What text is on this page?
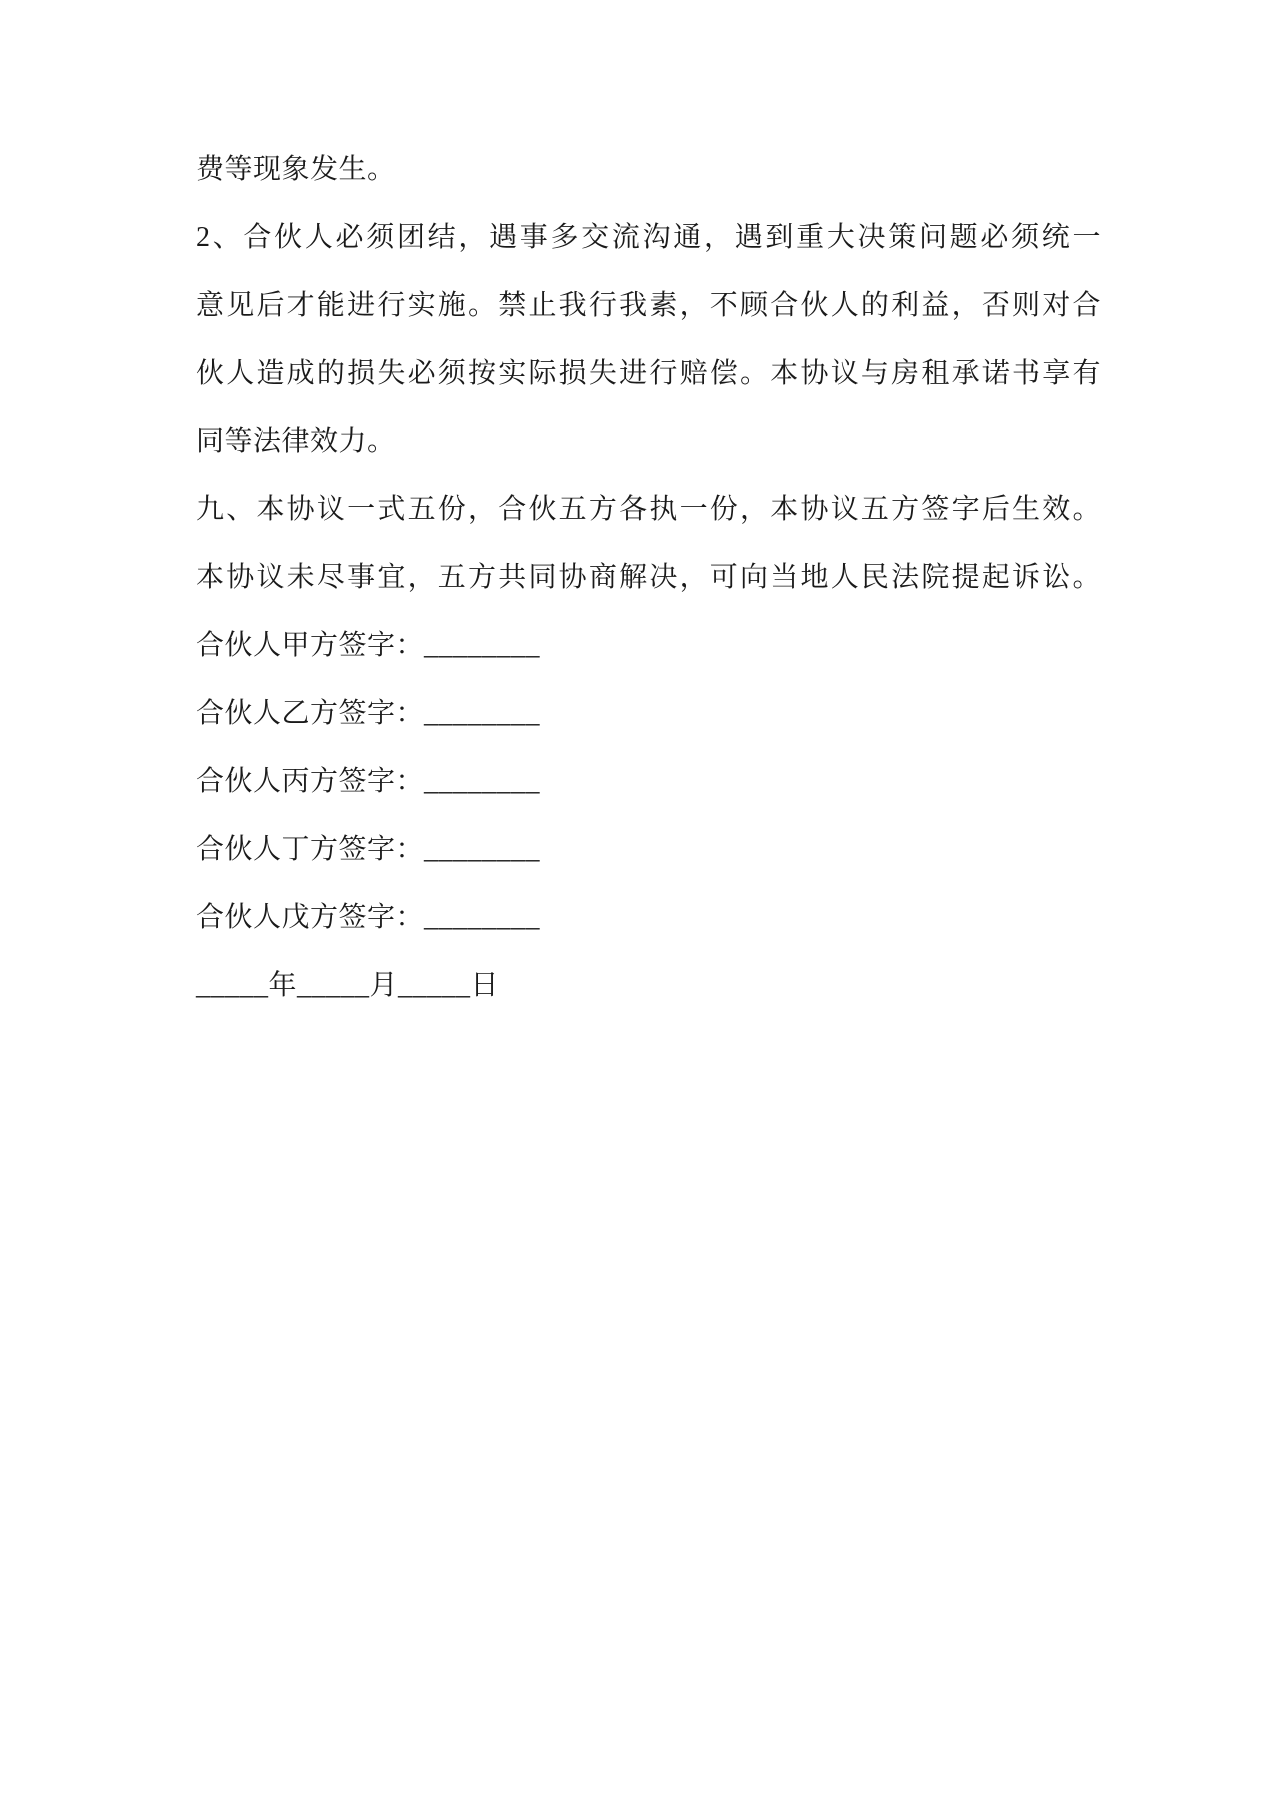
费等现象发生。
2、合伙人必须团结，遇事多交流沟通，遇到重大决策问题必须统一
意见后才能进行实施。禁止我行我素，不顾合伙人的利益，否则对合
伙人造成的损失必须按实际损失进行赔偿。本协议与房租承诺书享有
同等法律效力。
九、本协议一式五份，合伙五方各执一份，本协议五方签字后生效。
本协议未尽事宜，五方共同协商解决，可向当地人民法院提起诉讼。
合伙人甲方签字：________
合伙人乙方签字：________
合伙人丙方签字：________
合伙人丁方签字：________
合伙人戊方签字：________
_____年_____月_____日
